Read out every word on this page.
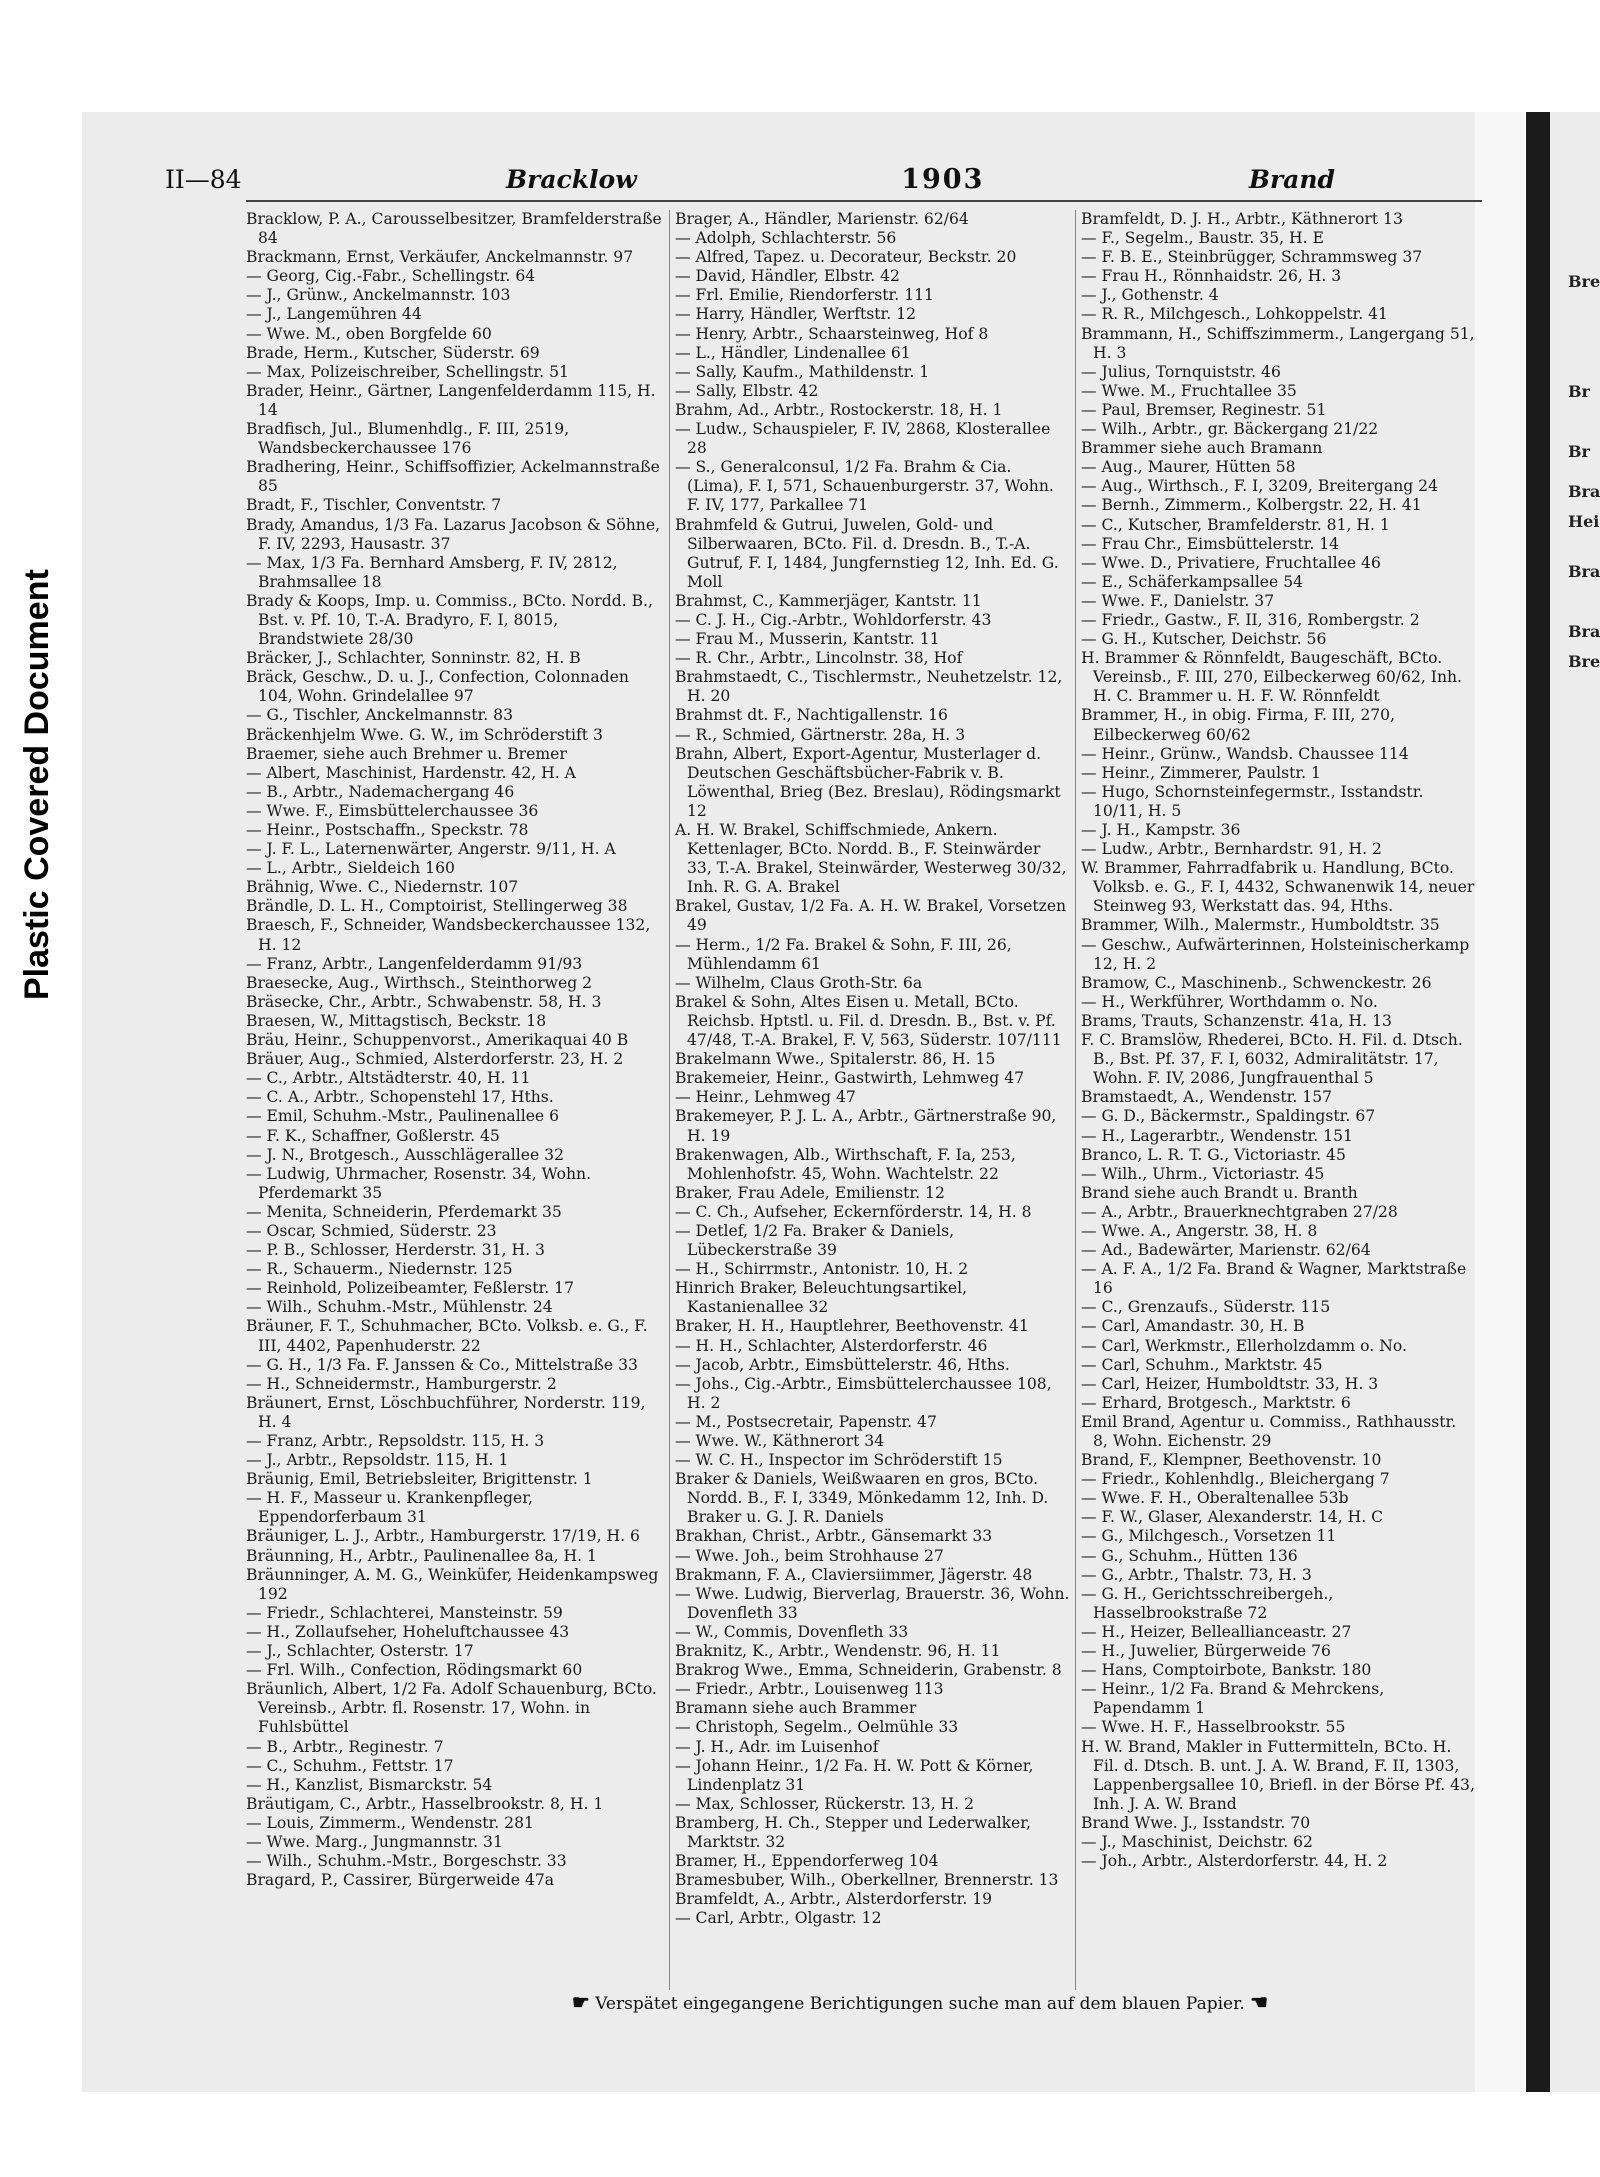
Plastic Covered Document
Bre
Br
Br
Bra
Hei
Bra
Bra
Bre
II—84	Bracklow	1903	Brand
Bracklow, P. A., Carousselbesitzer, Bramfelderstraße 84
Brackmann, Ernst, Verkäufer, Anckelmannstr. 97
— Georg, Cig.-Fabr., Schellingstr. 64
— J., Grünw., Anckelmannstr. 103
— J., Langemühren 44
— Wwe. M., oben Borgfelde 60
Brade, Herm., Kutscher, Süderstr. 69
— Max, Polizeischreiber, Schellingstr. 51
Brader, Heinr., Gärtner, Langenfelderdamm 115, H. 14
Bradfisch, Jul., Blumenhdlg., F. III, 2519, Wandsbeckerchaussee 176
Bradhering, Heinr., Schiffsoffizier, Ackelmannstraße 85
Bradt, F., Tischler, Conventstr. 7
Brady, Amandus, 1/3 Fa. Lazarus Jacobson & Söhne, F. IV, 2293, Hausastr. 37
— Max, 1/3 Fa. Bernhard Amsberg, F. IV, 2812, Brahmsallee 18
Brady & Koops, Imp. u. Commiss., BCto. Nordd. B., Bst. v. Pf. 10, T.-A. Bradyro, F. I, 8015, Brandstwiete 28/30
Bräcker, J., Schlachter, Sonninstr. 82, H. B
Bräck, Geschw., D. u. J., Confection, Colonnaden 104, Wohn. Grindelallee 97
— G., Tischler, Anckelmannstr. 83
Bräckenhjelm Wwe. G. W., im Schröderstift 3
Braemer, siehe auch Brehmer u. Bremer
— Albert, Maschinist, Hardenstr. 42, H. A
— B., Arbtr., Nademachergang 46
— Wwe. F., Eimsbüttelerchaussee 36
— Heinr., Postschaffn., Speckstr. 78
— J. F. L., Laternenwärter, Angerstr. 9/11, H. A
— L., Arbtr., Sieldeich 160
Brähnig, Wwe. C., Niedernstr. 107
Brändle, D. L. H., Comptoirist, Stellingerweg 38
Braesch, F., Schneider, Wandsbeckerchaussee 132, H. 12
— Franz, Arbtr., Langenfelderdamm 91/93
Braesecke, Aug., Wirthsch., Steinthorweg 2
Bräsecke, Chr., Arbtr., Schwabenstr. 58, H. 3
Braesen, W., Mittagstisch, Beckstr. 18
Bräu, Heinr., Schuppenvorst., Amerikaquai 40 B
Bräuer, Aug., Schmied, Alsterdorferstr. 23, H. 2
— C., Arbtr., Altstädterstr. 40, H. 11
— C. A., Arbtr., Schopenstehl 17, Hths.
— Emil, Schuhm.-Mstr., Paulinenallee 6
— F. K., Schaffner, Goßlerstr. 45
— J. N., Brotgesch., Ausschlägerallee 32
— Ludwig, Uhrmacher, Rosenstr. 34, Wohn. Pferdemarkt 35
— Menita, Schneiderin, Pferdemarkt 35
— Oscar, Schmied, Süderstr. 23
— P. B., Schlosser, Herderstr. 31, H. 3
— R., Schauerm., Niedernstr. 125
— Reinhold, Polizeibeamter, Feßlerstr. 17
— Wilh., Schuhm.-Mstr., Mühlenstr. 24
Bräuner, F. T., Schuhmacher, BCto. Volksb. e. G., F. III, 4402, Papenhuderstr. 22
— G. H., 1/3 Fa. F. Janssen & Co., Mittelstraße 33
— H., Schneidermstr., Hamburgerstr. 2
Bräunert, Ernst, Löschbuchführer, Norderstr. 119, H. 4
— Franz, Arbtr., Repsoldstr. 115, H. 3
— J., Arbtr., Repsoldstr. 115, H. 1
Bräunig, Emil, Betriebsleiter, Brigittenstr. 1
— H. F., Masseur u. Krankenpfleger, Eppendorferbaum 31
Bräuniger, L. J., Arbtr., Hamburgerstr. 17/19, H. 6
Bräunning, H., Arbtr., Paulinenallee 8a, H. 1
Bräunninger, A. M. G., Weinküfer, Heidenkampsweg 192
— Friedr., Schlachterei, Mansteinstr. 59
— H., Zollaufseher, Hoheluftchaussee 43
— J., Schlachter, Osterstr. 17
— Frl. Wilh., Confection, Rödingsmarkt 60
Bräunlich, Albert, 1/2 Fa. Adolf Schauenburg, BCto. Vereinsb., Arbtr. fl. Rosenstr. 17, Wohn. in Fuhlsbüttel
— B., Arbtr., Reginestr. 7
— C., Schuhm., Fettstr. 17
— H., Kanzlist, Bismarckstr. 54
Bräutigam, C., Arbtr., Hasselbrookstr. 8, H. 1
— Louis, Zimmerm., Wendenstr. 281
— Wwe. Marg., Jungmannstr. 31
— Wilh., Schuhm.-Mstr., Borgeschstr. 33
Bragard, P., Cassirer, Bürgerweide 47a
Brager, A., Händler, Marienstr. 62/64
— Adolph, Schlachterstr. 56
— Alfred, Tapez. u. Decorateur, Beckstr. 20
— David, Händler, Elbstr. 42
— Frl. Emilie, Riendorferstr. 111
— Harry, Händler, Werftstr. 12
— Henry, Arbtr., Schaarsteinweg, Hof 8
— L., Händler, Lindenallee 61
— Sally, Kaufm., Mathildenstr. 1
— Sally, Elbstr. 42
Brahm, Ad., Arbtr., Rostockerstr. 18, H. 1
— Ludw., Schauspieler, F. IV, 2868, Klosterallee 28
— S., Generalconsul, 1/2 Fa. Brahm & Cia. (Lima), F. I, 571, Schauenburgerstr. 37, Wohn. F. IV, 177, Parkallee 71
Brahmfeld & Gutrui, Juwelen, Gold- und Silberwaaren, BCto. Fil. d. Dresdn. B., T.-A. Gutruf, F. I, 1484, Jungfernstieg 12, Inh. Ed. G. Moll
Brahmst, C., Kammerjäger, Kantstr. 11
— C. J. H., Cig.-Arbtr., Wohldorferstr. 43
— Frau M., Musserin, Kantstr. 11
— R. Chr., Arbtr., Lincolnstr. 38, Hof
Brahmstaedt, C., Tischlermstr., Neuhetzelstr. 12, H. 20
Brahmst dt. F., Nachtigallenstr. 16
— R., Schmied, Gärtnerstr. 28a, H. 3
Brahn, Albert, Export-Agentur, Musterlager d. Deutschen Geschäftsbücher-Fabrik v. B. Löwenthal, Brieg (Bez. Breslau), Rödingsmarkt 12
A. H. W. Brakel, Schiffschmiede, Ankern. Kettenlager, BCto. Nordd. B., F. Steinwärder 33, T.-A. Brakel, Steinwärder, Westerweg 30/32, Inh. R. G. A. Brakel
Brakel, Gustav, 1/2 Fa. A. H. W. Brakel, Vorsetzen 49
— Herm., 1/2 Fa. Brakel & Sohn, F. III, 26, Mühlendamm 61
— Wilhelm, Claus Groth-Str. 6a
Brakel & Sohn, Altes Eisen u. Metall, BCto. Reichsb. Hptstl. u. Fil. d. Dresdn. B., Bst. v. Pf. 47/48, T.-A. Brakel, F. V, 563, Süderstr. 107/111
Brakelmann Wwe., Spitalerstr. 86, H. 15
Brakemeier, Heinr., Gastwirth, Lehmweg 47
— Heinr., Lehmweg 47
Brakemeyer, P. J. L. A., Arbtr., Gärtnerstraße 90, H. 19
Brakenwagen, Alb., Wirthschaft, F. Ia, 253, Mohlenhofstr. 45, Wohn. Wachtelstr. 22
Braker, Frau Adele, Emilienstr. 12
— C. Ch., Aufseher, Eckernförderstr. 14, H. 8
— Detlef, 1/2 Fa. Braker & Daniels, Lübeckerstraße 39
— H., Schirrmstr., Antonistr. 10, H. 2
Hinrich Braker, Beleuchtungsartikel, Kastanienallee 32
Braker, H. H., Hauptlehrer, Beethovenstr. 41
— H. H., Schlachter, Alsterdorferstr. 46
— Jacob, Arbtr., Eimsbüttelerstr. 46, Hths.
— Johs., Cig.-Arbtr., Eimsbüttelerchaussee 108, H. 2
— M., Postsecretair, Papenstr. 47
— Wwe. W., Käthnerort 34
— W. C. H., Inspector im Schröderstift 15
Braker & Daniels, Weißwaaren en gros, BCto. Nordd. B., F. I, 3349, Mönkedamm 12, Inh. D. Braker u. G. J. R. Daniels
Brakhan, Christ., Arbtr., Gänsemarkt 33
— Wwe. Joh., beim Strohhause 27
Brakmann, F. A., Claviersiimmer, Jägerstr. 48
— Wwe. Ludwig, Bierverlag, Brauerstr. 36, Wohn. Dovenfleth 33
— W., Commis, Dovenfleth 33
Braknitz, K., Arbtr., Wendenstr. 96, H. 11
Brakrog Wwe., Emma, Schneiderin, Grabenstr. 8
— Friedr., Arbtr., Louisenweg 113
Bramann siehe auch Brammer
— Christoph, Segelm., Oelmühle 33
— J. H., Adr. im Luisenhof
— Johann Heinr., 1/2 Fa. H. W. Pott & Körner, Lindenplatz 31
— Max, Schlosser, Rückerstr. 13, H. 2
Bramberg, H. Ch., Stepper und Lederwalker, Marktstr. 32
Bramer, H., Eppendorferweg 104
Bramesbuber, Wilh., Oberkellner, Brennerstr. 13
Bramfeldt, A., Arbtr., Alsterdorferstr. 19
— Carl, Arbtr., Olgastr. 12
Bramfeldt, D. J. H., Arbtr., Käthnerort 13
— F., Segelm., Baustr. 35, H. E
— F. B. E., Steinbrügger, Schrammsweg 37
— Frau H., Rönnhaidstr. 26, H. 3
— J., Gothenstr. 4
— R. R., Milchgesch., Lohkoppelstr. 41
Brammann, H., Schiffszimmerm., Langergang 51, H. 3
— Julius, Tornquiststr. 46
— Wwe. M., Fruchtallee 35
— Paul, Bremser, Reginestr. 51
— Wilh., Arbtr., gr. Bäckergang 21/22
Brammer siehe auch Bramann
— Aug., Maurer, Hütten 58
— Aug., Wirthsch., F. I, 3209, Breitergang 24
— Bernh., Zimmerm., Kolbergstr. 22, H. 41
— C., Kutscher, Bramfelderstr. 81, H. 1
— Frau Chr., Eimsbüttelerstr. 14
— Wwe. D., Privatiere, Fruchtallee 46
— E., Schäferkampsallee 54
— Wwe. F., Danielstr. 37
— Friedr., Gastw., F. II, 316, Rombergstr. 2
— G. H., Kutscher, Deichstr. 56
H. Brammer & Rönnfeldt, Baugeschäft, BCto. Vereinsb., F. III, 270, Eilbeckerweg 60/62, Inh. H. C. Brammer u. H. F. W. Rönnfeldt
Brammer, H., in obig. Firma, F. III, 270, Eilbeckerweg 60/62
— Heinr., Grünw., Wandsb. Chaussee 114
— Heinr., Zimmerer, Paulstr. 1
— Hugo, Schornsteinfegermstr., Isstandstr. 10/11, H. 5
— J. H., Kampstr. 36
— Ludw., Arbtr., Bernhardstr. 91, H. 2
W. Brammer, Fahrradfabrik u. Handlung, BCto. Volksb. e. G., F. I, 4432, Schwanenwik 14, neuer Steinweg 93, Werkstatt das. 94, Hths.
Brammer, Wilh., Malermstr., Humboldtstr. 35
— Geschw., Aufwärterinnen, Holsteinischerkamp 12, H. 2
Bramow, C., Maschinenb., Schwenckestr. 26
— H., Werkführer, Worthdamm o. No.
Brams, Trauts, Schanzenstr. 41a, H. 13
F. C. Bramslöw, Rhederei, BCto. H. Fil. d. Dtsch. B., Bst. Pf. 37, F. I, 6032, Admiralitätstr. 17, Wohn. F. IV, 2086, Jungfrauenthal 5
Bramstaedt, A., Wendenstr. 157
— G. D., Bäckermstr., Spaldingstr. 67
— H., Lagerarbtr., Wendenstr. 151
Branco, L. R. T. G., Victoriastr. 45
— Wilh., Uhrm., Victoriastr. 45
Brand siehe auch Brandt u. Branth
— A., Arbtr., Brauerknechtgraben 27/28
— Wwe. A., Angerstr. 38, H. 8
— Ad., Badewärter, Marienstr. 62/64
— A. F. A., 1/2 Fa. Brand & Wagner, Marktstraße 16
— C., Grenzaufs., Süderstr. 115
— Carl, Amandastr. 30, H. B
— Carl, Werkmstr., Ellerholzdamm o. No.
— Carl, Schuhm., Marktstr. 45
— Carl, Heizer, Humboldtstr. 33, H. 3
— Erhard, Brotgesch., Marktstr. 6
Emil Brand, Agentur u. Commiss., Rathhausstr. 8, Wohn. Eichenstr. 29
Brand, F., Klempner, Beethovenstr. 10
— Friedr., Kohlenhdlg., Bleichergang 7
— Wwe. F. H., Oberaltenallee 53b
— F. W., Glaser, Alexanderstr. 14, H. C
— G., Milchgesch., Vorsetzen 11
— G., Schuhm., Hütten 136
— G., Arbtr., Thalstr. 73, H. 3
— G. H., Gerichtsschreibergeh., Hasselbrookstraße 72
— H., Heizer, Belleallianceastr. 27
— H., Juwelier, Bürgerweide 76
— Hans, Comptoirbote, Bankstr. 180
— Heinr., 1/2 Fa. Brand & Mehrckens, Papendamm 1
— Wwe. H. F., Hasselbrookstr. 55
H. W. Brand, Makler in Futtermitteln, BCto. H. Fil. d. Dtsch. B. unt. J. A. W. Brand, F. II, 1303, Lappenbergsallee 10, Briefl. in der Börse Pf. 43, Inh. J. A. W. Brand
Brand Wwe. J., Isstandstr. 70
— J., Maschinist, Deichstr. 62
— Joh., Arbtr., Alsterdorferstr. 44, H. 2
☛ Verspätet eingegangene Berichtigungen suche man auf dem blauen Papier. ☚
